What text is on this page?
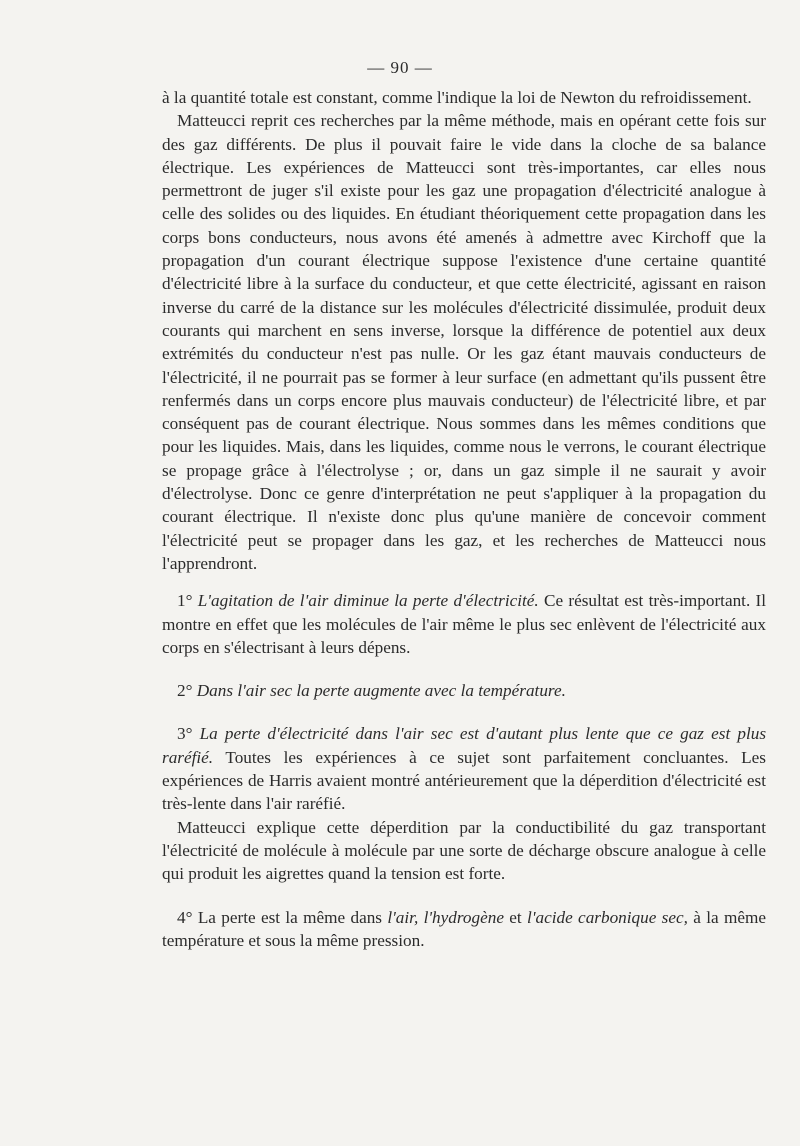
— 90 —

à la quantité totale est constant, comme l'indique la loi de Newton du refroidissement.

Matteucci reprit ces recherches par la même méthode, mais en opérant cette fois sur des gaz différents. De plus il pouvait faire le vide dans la cloche de sa balance électrique. Les expériences de Matteucci sont très-importantes, car elles nous permettront de juger s'il existe pour les gaz une propagation d'électricité analogue à celle des solides ou des liquides. En étudiant théoriquement cette propagation dans les corps bons conducteurs, nous avons été amenés à admettre avec Kirchoff que la propagation d'un courant électrique suppose l'existence d'une certaine quantité d'électricité libre à la surface du conducteur, et que cette électricité, agissant en raison inverse du carré de la distance sur les molécules d'électricité dissimulée, produit deux courants qui marchent en sens inverse, lorsque la différence de potentiel aux deux extrémités du conducteur n'est pas nulle. Or les gaz étant mauvais conducteurs de l'électricité, il ne pourrait pas se former à leur surface (en admettant qu'ils pussent être renfermés dans un corps encore plus mauvais conducteur) de l'électricité libre, et par conséquent pas de courant électrique. Nous sommes dans les mêmes conditions que pour les liquides. Mais, dans les liquides, comme nous le verrons, le courant électrique se propage grâce à l'électrolyse ; or, dans un gaz simple il ne saurait y avoir d'électrolyse. Donc ce genre d'interprétation ne peut s'appliquer à la propagation du courant électrique. Il n'existe donc plus qu'une manière de concevoir comment l'électricité peut se propager dans les gaz, et les recherches de Matteucci nous l'apprendront.

1° L'agitation de l'air diminue la perte d'électricité. Ce résultat est très-important. Il montre en effet que les molécules de l'air même le plus sec enlèvent de l'électricité aux corps en s'électrisant à leurs dépens.

2° Dans l'air sec la perte augmente avec la température.

3° La perte d'électricité dans l'air sec est d'autant plus lente que ce gaz est plus raréfié. Toutes les expériences à ce sujet sont parfaitement concluantes. Les expériences de Harris avaient montré antérieurement que la déperdition d'électricité est très-lente dans l'air raréfié.

Matteucci explique cette déperdition par la conductibilité du gaz transportant l'électricité de molécule à molécule par une sorte de décharge obscure analogue à celle qui produit les aigrettes quand la tension est forte.

4° La perte est la même dans l'air, l'hydrogène et l'acide carbonique sec, à la même température et sous la même pression.
